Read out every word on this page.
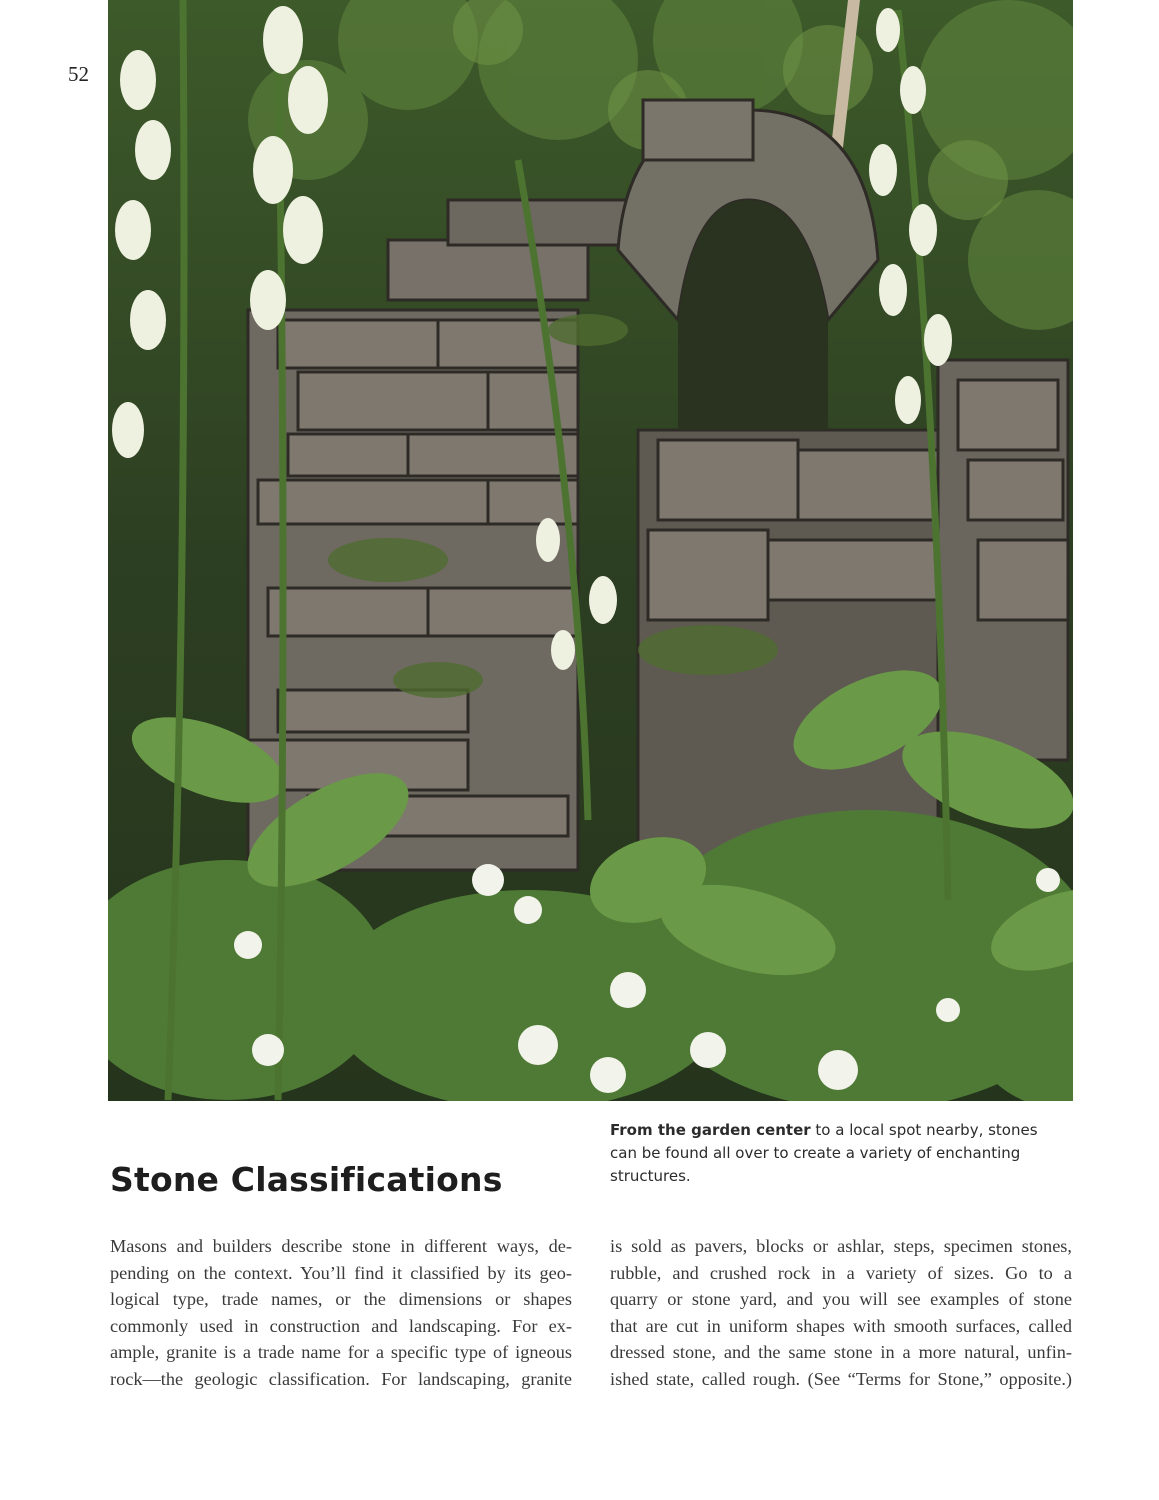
52
From the garden center to a local spot nearby, stones
can be found all over to create a variety of enchanting
structures.
Stone Classifications
Masons and builders describe stone in different ways, de-
pending on the context. You’ll find it classified by its geo-
logical type, trade names, or the dimensions or shapes
commonly used in construction and landscaping. For ex-
ample, granite is a trade name for a specific type of igneous
rock—the geologic classification. For landscaping, granite
is sold as pavers, blocks or ashlar, steps, specimen stones,
rubble, and crushed rock in a variety of sizes. Go to a
quarry or stone yard, and you will see examples of stone
that are cut in uniform shapes with smooth surfaces, called
dressed stone, and the same stone in a more natural, unfin-
ished state, called rough. (See “Terms for Stone,” opposite.)
